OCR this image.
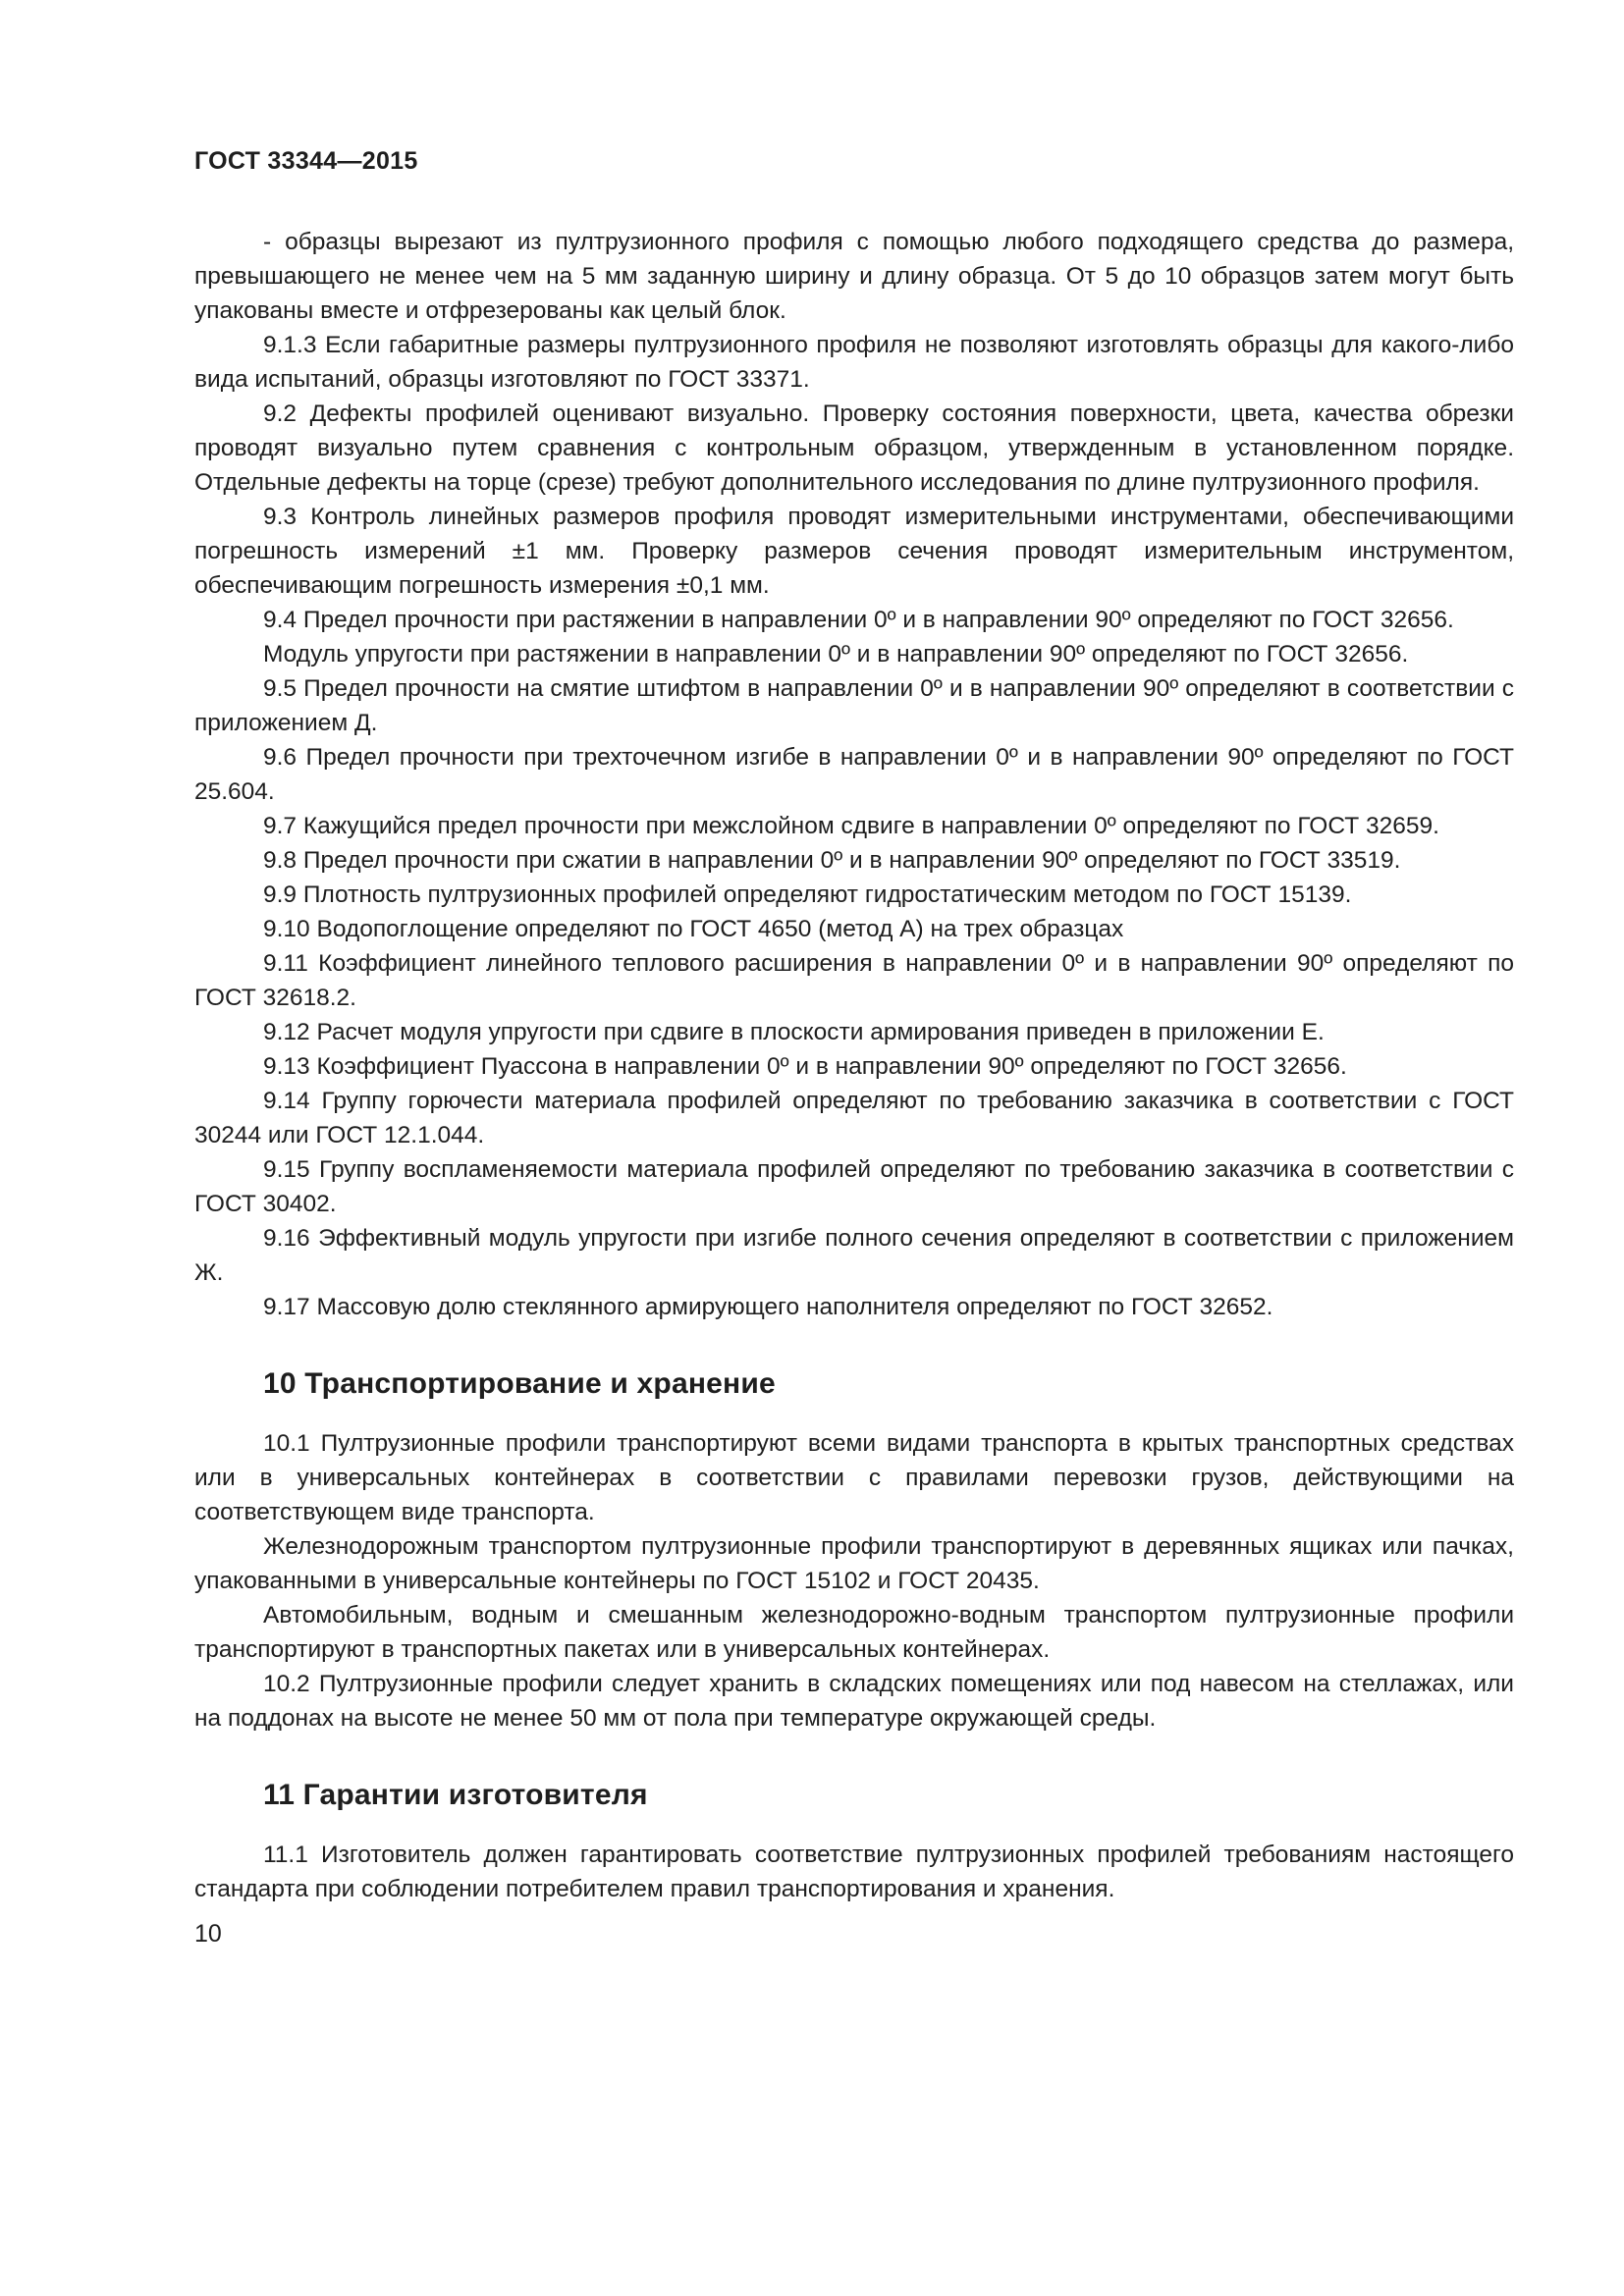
ГОСТ 33344—2015

- образцы вырезают из пултрузионного профиля с помощью любого подходящего средства до размера, превышающего не менее чем на 5 мм заданную ширину и длину образца. От 5 до 10 образцов затем могут быть упакованы вместе и отфрезерованы как целый блок.

9.1.3 Если габаритные размеры пултрузионного профиля не позволяют изготовлять образцы для какого-либо вида испытаний, образцы изготовляют по ГОСТ 33371.

9.2 Дефекты профилей оценивают визуально. Проверку состояния поверхности, цвета, качества обрезки проводят визуально путем сравнения с контрольным образцом, утвержденным в установленном порядке. Отдельные дефекты на торце (срезе) требуют дополнительного исследования по длине пултрузионного профиля.

9.3 Контроль линейных размеров профиля проводят измерительными инструментами, обеспечивающими погрешность измерений ±1 мм. Проверку размеров сечения проводят измерительным инструментом, обеспечивающим погрешность измерения ±0,1 мм.

9.4 Предел прочности при растяжении в направлении 0º и в направлении 90º определяют по ГОСТ 32656.

Модуль упругости при растяжении в направлении 0º и в направлении 90º определяют по ГОСТ 32656.

9.5 Предел прочности на смятие штифтом в направлении 0º и в направлении 90º определяют в соответствии с приложением Д.

9.6 Предел прочности при трехточечном изгибе в направлении 0º и в направлении 90º определяют по ГОСТ 25.604.

9.7 Кажущийся предел прочности при межслойном сдвиге в направлении 0º определяют по ГОСТ 32659.

9.8 Предел прочности при сжатии в направлении 0º и в направлении 90º определяют по ГОСТ 33519.

9.9 Плотность пултрузионных профилей определяют гидростатическим методом по ГОСТ 15139.

9.10 Водопоглощение определяют по ГОСТ 4650 (метод А) на трех образцах

9.11 Коэффициент линейного теплового расширения в направлении 0º и в направлении 90º определяют по ГОСТ 32618.2.

9.12 Расчет модуля упругости при сдвиге в плоскости армирования приведен в приложении Е.

9.13 Коэффициент Пуассона в направлении 0º и в направлении 90º определяют по ГОСТ 32656.

9.14 Группу горючести материала профилей определяют по требованию заказчика в соответствии с ГОСТ 30244 или ГОСТ 12.1.044.

9.15 Группу воспламеняемости материала профилей определяют по требованию заказчика в соответствии с ГОСТ 30402.

9.16 Эффективный модуль упругости при изгибе полного сечения определяют в соответствии с приложением Ж.

9.17 Массовую долю стеклянного армирующего наполнителя определяют по ГОСТ 32652.

10 Транспортирование и хранение

10.1 Пултрузионные профили транспортируют всеми видами транспорта в крытых транспортных средствах или в универсальных контейнерах в соответствии с правилами перевозки грузов, действующими на соответствующем виде транспорта.

Железнодорожным транспортом пултрузионные профили транспортируют в деревянных ящиках или пачках, упакованными в универсальные контейнеры по ГОСТ 15102 и ГОСТ 20435.

Автомобильным, водным и смешанным железнодорожно-водным транспортом пултрузионные профили транспортируют в транспортных пакетах или в универсальных контейнерах.

10.2 Пултрузионные профили следует хранить в складских помещениях или под навесом на стеллажах, или на поддонах на высоте не менее 50 мм от пола при температуре окружающей среды.

11 Гарантии изготовителя

11.1 Изготовитель должен гарантировать соответствие пултрузионных профилей требованиям настоящего стандарта при соблюдении потребителем правил транспортирования и хранения.

10
